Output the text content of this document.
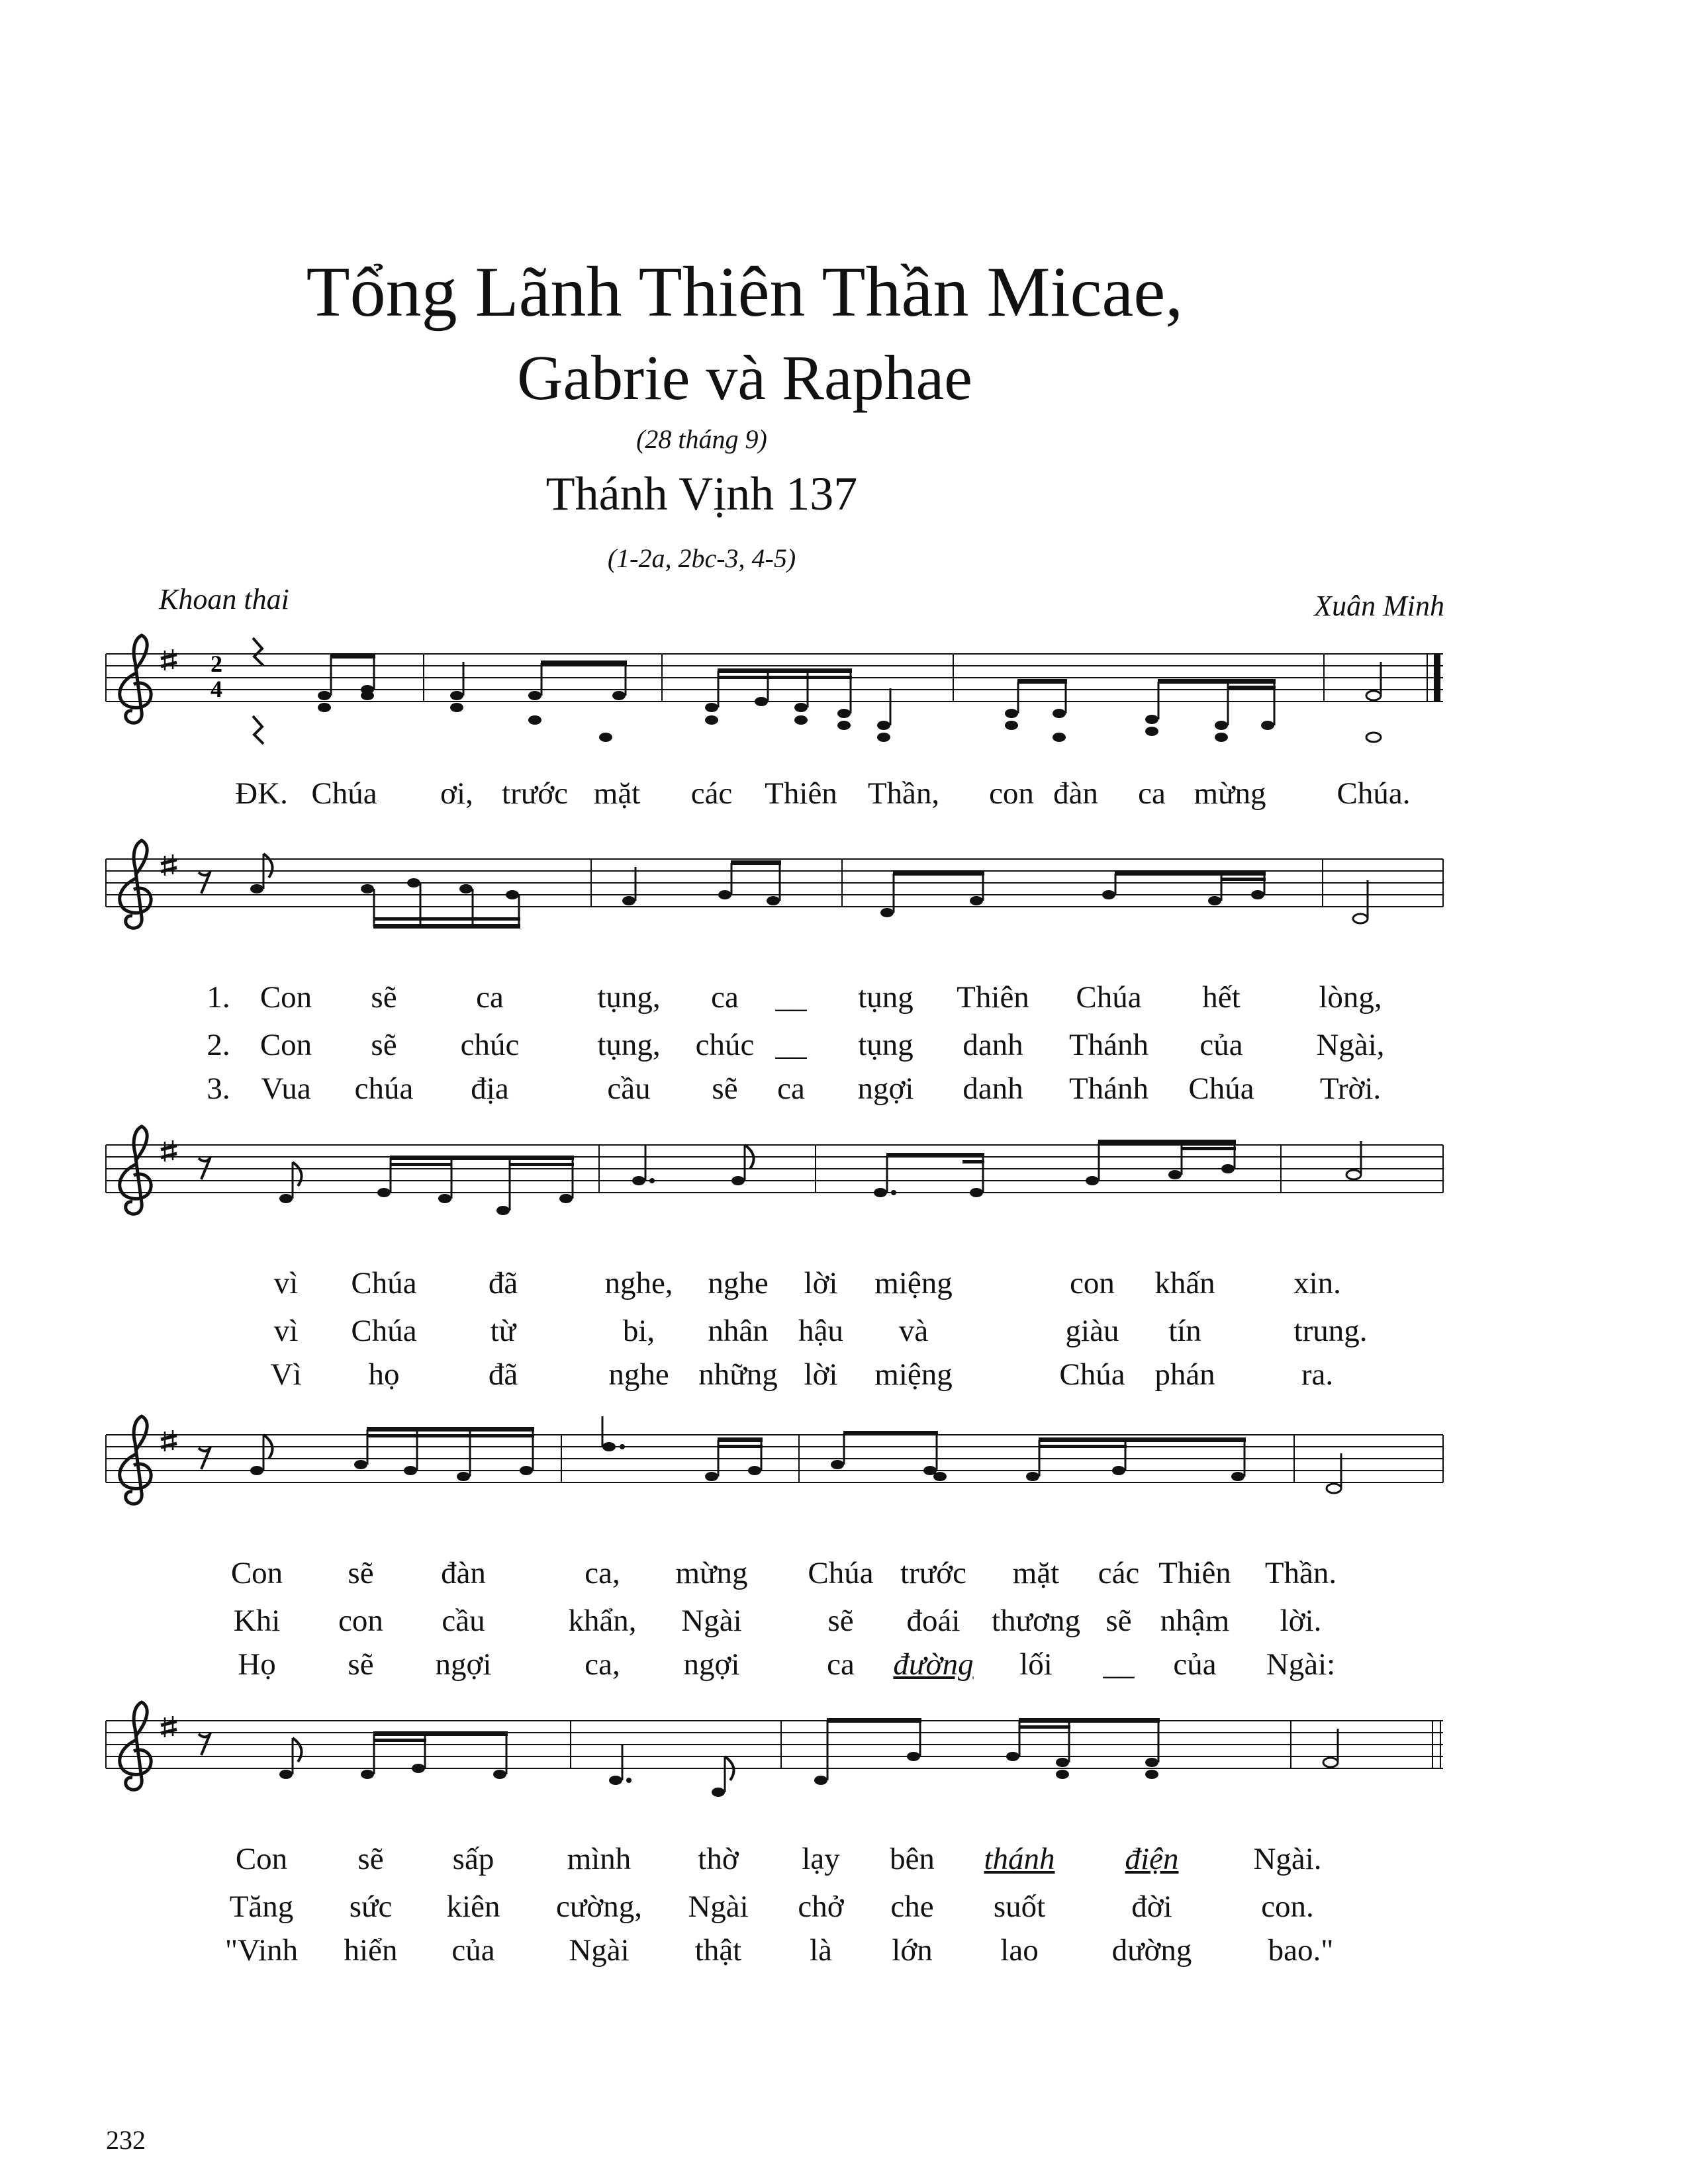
Tổng Lãnh Thiên Thần Micae,
Gabrie và Raphae
(28 tháng 9)
Thánh Vịnh 137
(1-2a, 2bc-3, 4-5)
Khoan thai	Xuân Minh
2
4
ĐK. Chúa ơi, trước mặt các Thiên Thần, con đàn ca mừng Chúa.
1. Con sẽ	ca	tụng, ca __ tụng Thiên Chúa hết	lòng,
2. Con sẽ chúc	tụng, chúc __ tụng danh Thánh của Ngài,
3. Vua chúa địa	cầu sẽ ca ngợi danh Thánh Chúa Trời.
vì Chúa đã	nghe, nghe lời miệng	con khấn	xin.
vì Chúa từ	bi, nhân hậu và	giàu tín	trung.
Vì họ	đã	nghe những lời miệng	Chúa phán	ra.
Con sẽ đàn	ca, mừng Chúa trước mặt các Thiên Thần.
Khi con cầu	khẩn, Ngài	sẽ đoái thương sẽ nhậm lời.
Họ sẽ ngợi	ca, ngợi	ca đường lối __ của Ngài:
Con sẽ sấp mình thờ lạy bên thánh điện Ngài.
Tăng sức kiên cường, Ngài chở che suốt	đời	con.
"Vinh hiển của Ngài thật là lớn lao dường bao."
232
